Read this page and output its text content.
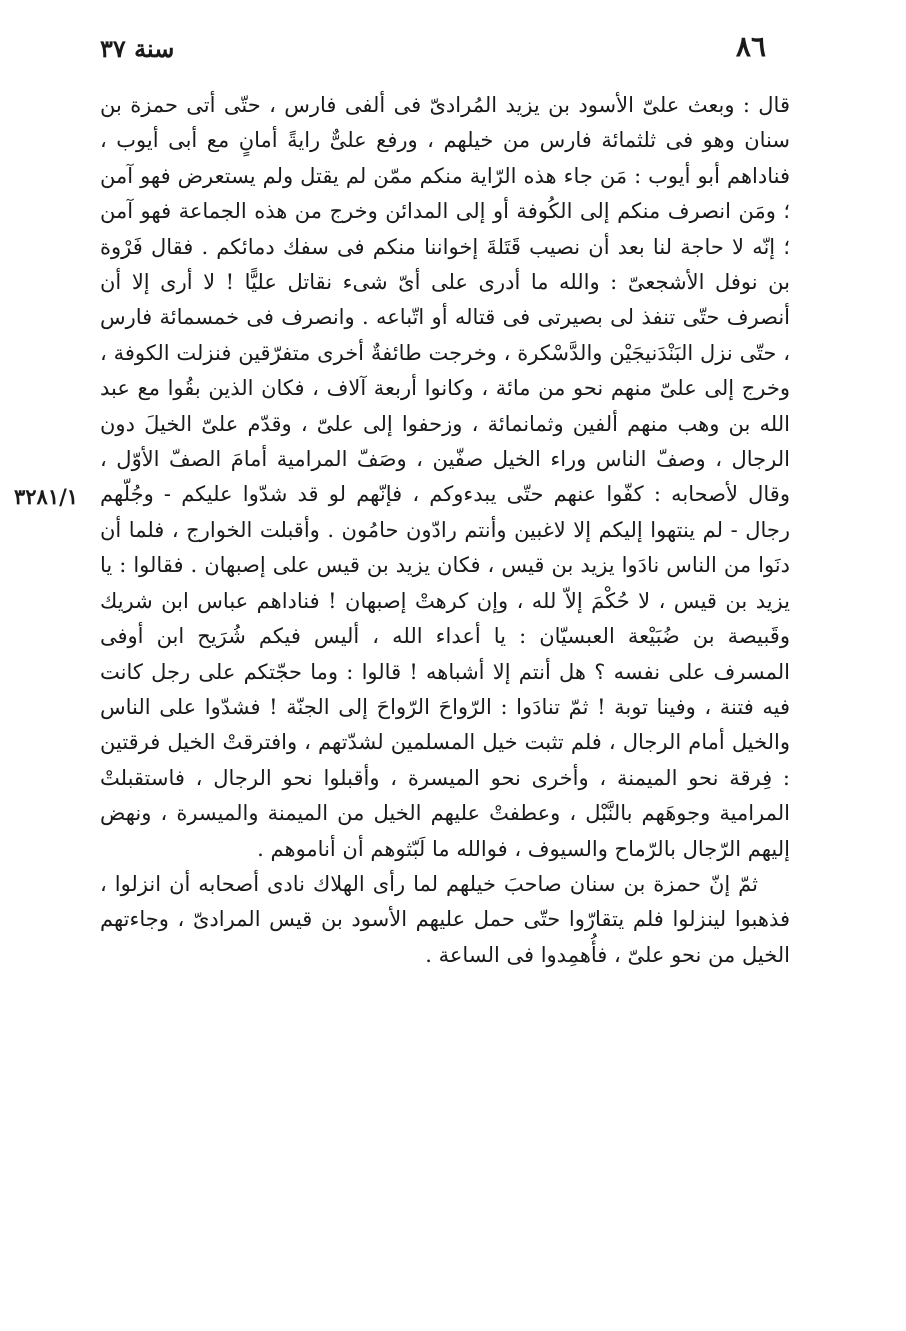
٨٦
سنة ٣٧
٣٢٨١/١

قال : وبعث علىّ الأسود بن يزيد المُرادىّ فى ألفى فارس ، حتّى أتى حمزة بن سنان وهو فى ثلثمائة فارس من خيلهم ، ورفع علىٌّ رايةً أمانٍ مع أبى أيوب ، فناداهم أبو أيوب : مَن جاء هذه الرّاية منكم ممّن لم يقتل ولم يستعرض فهو آمن ؛ ومَن انصرف منكم إلى الكُوفة أو إلى المدائن وخرج من هذه الجماعة فهو آمن ؛ إنّه لا حاجة لنا بعد أن نصيب قَتَلةَ إخواننا منكم فى سفك دمائكم . فقال فَرْوة بن نوفل الأشجعىّ : والله ما أدرى على أىّ شىء نقاتل عليًّا ! لا أرى إلا أن أنصرف حتّى تنفذ لى بصيرتى فى قتاله أو اتّباعه . وانصرف فى خمسمائة فارس ، حتّى نزل البَنْدَنيجَيْن والدَّسْكرة ، وخرجت طائفةٌ أخرى متفرّقين فنزلت الكوفة ، وخرج إلى علىّ منهم نحو من مائة ، وكانوا أربعة آلاف ، فكان الذين بقُوا مع عبد الله بن وهب منهم ألفين وثمانمائة ، وزحفوا إلى علىّ ، وقدّم علىّ الخيلَ دون الرجال ، وصفّ الناس وراء الخيل صفّين ، وصَفّ المرامية أمامَ الصفّ الأوّل ، وقال لأصحابه : كفّوا عنهم حتّى يبدءوكم ، فإنّهم لو قد شدّوا عليكم - وجُلّهم رجال - لم ينتهوا إليكم إلا لاغبين وأنتم رادّون حامُون . وأقبلت الخوارج ، فلما أن دنَوا من الناس نادَوا يزيد بن قيس ، فكان يزيد بن قيس على إصبهان . فقالوا : يا يزيد بن قيس ، لا حُكْمَ إلاّ لله ، وإن كرهتْ إصبهان ! فناداهم عباس ابن شريك وقَبيصة بن ضُبَيْعة العبسيّان : يا أعداء الله ، أليس فيكم شُرَيح ابن أوفى المسرف على نفسه ؟ هل أنتم إلا أشباهه ! قالوا : وما حجّتكم على رجل كانت فيه فتنة ، وفينا توبة ! ثمّ تنادَوا : الرّواحَ الرّواحَ إلى الجنّة ! فشدّوا على الناس والخيل أمام الرجال ، فلم تثبت خيل المسلمين لشدّتهم ، وافترقتْ الخيل فرقتين : فِرقة نحو الميمنة ، وأخرى نحو الميسرة ، وأقبلوا نحو الرجال ، فاستقبلتْ المرامية وجوهَهم بالنَّبْل ، وعطفتْ عليهم الخيل من الميمنة والميسرة ، ونهض إليهم الرّجال بالرّماح والسيوف ، فوالله ما لَبّثوهم أن أناموهم .

ثمّ إنّ حمزة بن سنان صاحبَ خيلهم لما رأى الهلاك نادى أصحابه أن انزلوا ، فذهبوا لينزلوا فلم يتقارّوا حتّى حمل عليهم الأسود بن قيس المرادىّ ، وجاءتهم الخيل من نحو علىّ ، فأُهمِدوا فى الساعة .
